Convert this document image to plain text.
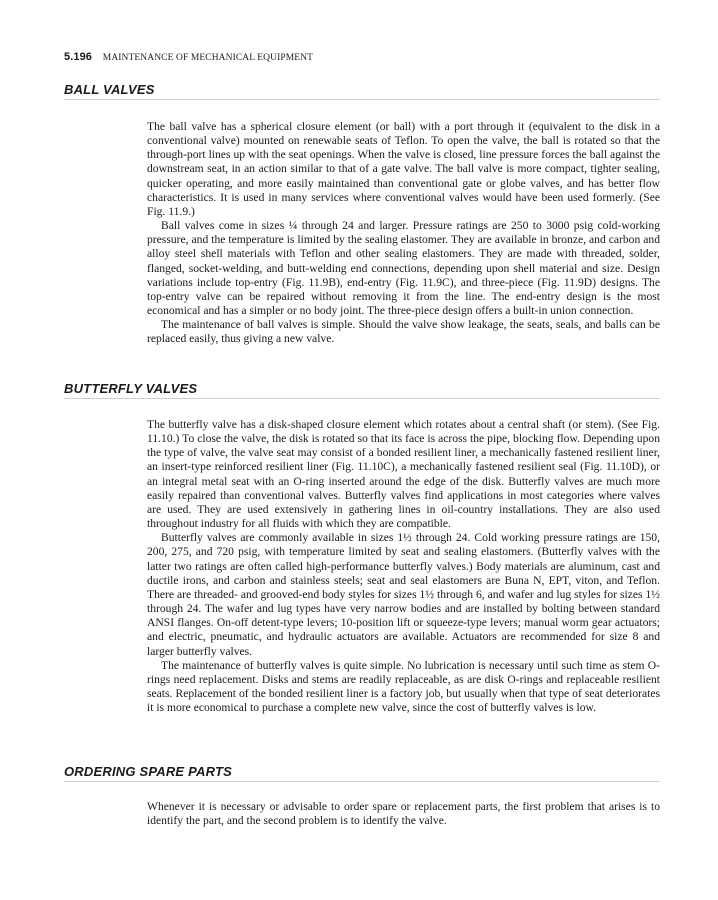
5.196 MAINTENANCE OF MECHANICAL EQUIPMENT
BALL VALVES

The ball valve has a spherical closure element (or ball) with a port through it (equivalent to the disk in a conventional valve) mounted on renewable seats of Teflon. To open the valve, the ball is rotated so that the through-port lines up with the seat openings. When the valve is closed, line pressure forces the ball against the downstream seat, in an action similar to that of a gate valve. The ball valve is more compact, tighter sealing, quicker operating, and more easily maintained than conventional gate or globe valves, and has better flow characteristics. It is used in many services where conventional valves would have been used formerly. (See Fig. 11.9.)

Ball valves come in sizes ¼ through 24 and larger. Pressure ratings are 250 to 3000 psig cold-working pressure, and the temperature is limited by the sealing elastomer. They are available in bronze, and carbon and alloy steel shell materials with Teflon and other sealing elastomers. They are made with threaded, solder, flanged, socket-welding, and butt-welding end connections, depending upon shell material and size. Design variations include top-entry (Fig. 11.9B), end-entry (Fig. 11.9C), and three-piece (Fig. 11.9D) designs. The top-entry valve can be repaired without removing it from the line. The end-entry design is the most economical and has a simpler or no body joint. The three-piece design offers a built-in union connection.

The maintenance of ball valves is simple. Should the valve show leakage, the seats, seals, and balls can be replaced easily, thus giving a new valve.

BUTTERFLY VALVES

The butterfly valve has a disk-shaped closure element which rotates about a central shaft (or stem). (See Fig. 11.10.) To close the valve, the disk is rotated so that its face is across the pipe, blocking flow. Depending upon the type of valve, the valve seat may consist of a bonded resilient liner, a mechanically fastened resilient liner, an insert-type reinforced resilient liner (Fig. 11.10C), a mechanically fastened resilient seal (Fig. 11.10D), or an integral metal seat with an O-ring inserted around the edge of the disk. Butterfly valves are much more easily repaired than conventional valves. Butterfly valves find applications in most categories where valves are used. They are used extensively in gathering lines in oil-country installations. They are also used throughout industry for all fluids with which they are compatible.

Butterfly valves are commonly available in sizes 1½ through 24. Cold working pressure ratings are 150, 200, 275, and 720 psig, with temperature limited by seat and sealing elastomers. (Butterfly valves with the latter two ratings are often called high-performance butterfly valves.) Body materials are aluminum, cast and ductile irons, and carbon and stainless steels; seat and seal elastomers are Buna N, EPT, viton, and Teflon. There are threaded- and grooved-end body styles for sizes 1½ through 6, and wafer and lug styles for sizes 1½ through 24. The wafer and lug types have very narrow bodies and are installed by bolting between standard ANSI flanges. On-off detent-type levers; 10-position lift or squeeze-type levers; manual worm gear actuators; and electric, pneumatic, and hydraulic actuators are available. Actuators are recommended for size 8 and larger butterfly valves.

The maintenance of butterfly valves is quite simple. No lubrication is necessary until such time as stem O-rings need replacement. Disks and stems are readily replaceable, as are disk O-rings and replaceable resilient seats. Replacement of the bonded resilient liner is a factory job, but usually when that type of seat deteriorates it is more economical to purchase a complete new valve, since the cost of butterfly valves is low.

ORDERING SPARE PARTS

Whenever it is necessary or advisable to order spare or replacement parts, the first problem that arises is to identify the part, and the second problem is to identify the valve.
